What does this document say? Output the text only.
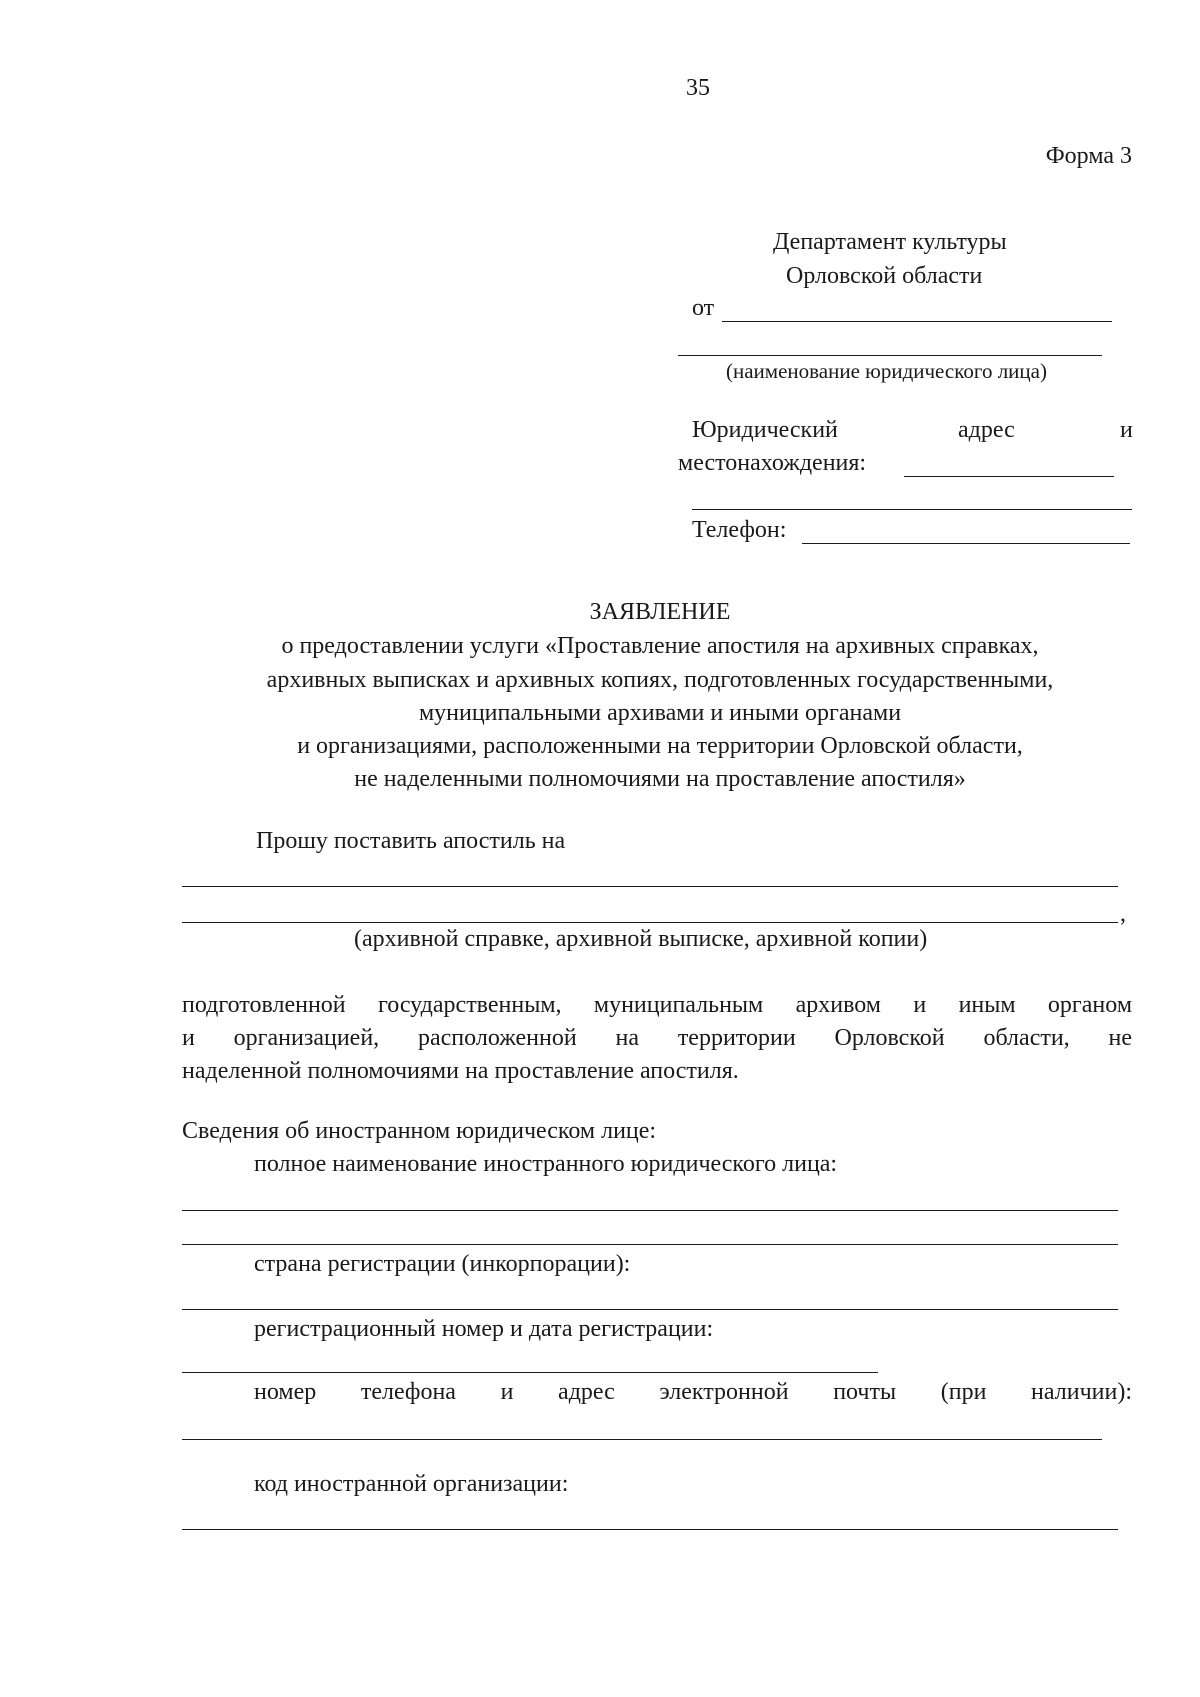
35
Форма 3
Департамент культуры
Орловской области
от
(наименование юридического лица)
Юридический	адрес	и
местонахождения:
Телефон:
ЗАЯВЛЕНИЕ
о предоставлении услуги «Проставление апостиля на архивных справках,
архивных выписках и архивных копиях, подготовленных государственными,
муниципальными архивами и иными органами
и организациями, расположенными на территории Орловской области,
не наделенными полномочиями на проставление апостиля»
Прошу поставить апостиль на
,
(архивной справке, архивной выписке, архивной копии)
подготовленной государственным, муниципальным архивом и иным органом
и организацией, расположенной на территории Орловской области, не
наделенной полномочиями на проставление апостиля.
Сведения об иностранном юридическом лице:
полное наименование иностранного юридического лица:
страна регистрации (инкорпорации):
регистрационный номер и дата регистрации:
номер телефона и адрес электронной почты (при наличии):
код иностранной организации:
